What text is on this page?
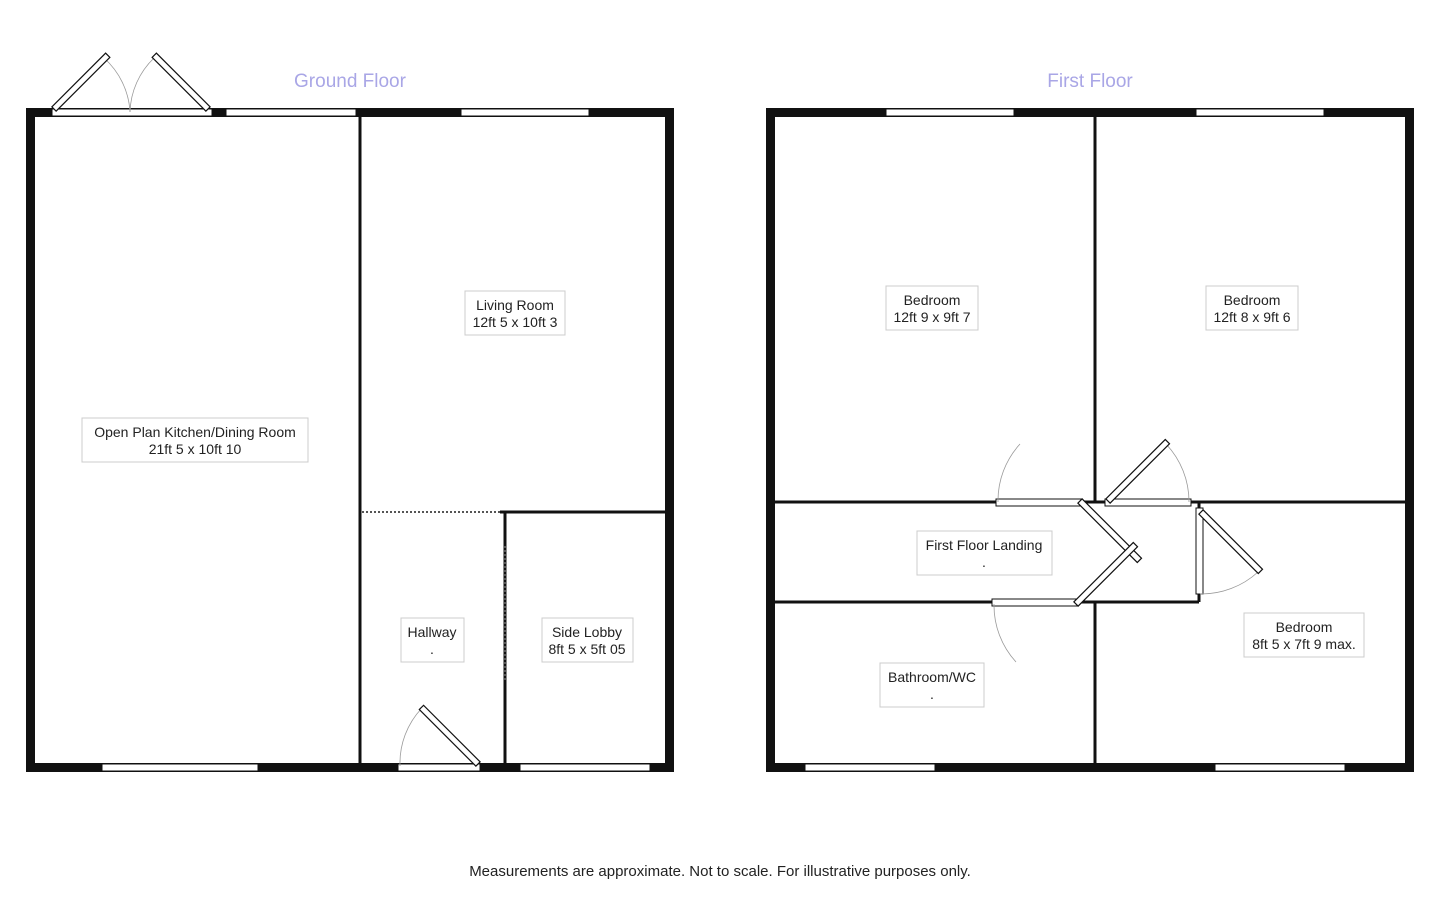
Ground Floor
Open Plan Kitchen/Dining Room
21ft 5 x 10ft 10
Living Room
12ft 5 x 10ft 3
Hallway
.
Side Lobby
8ft 5 x 5ft 05
First Floor
Bedroom
12ft 9 x 9ft 7
Bedroom
12ft 8 x 9ft 6
First Floor Landing
.
Bathroom/WC
.
Bedroom
8ft 5 x 7ft 9 max.
Measurements are approximate. Not to scale. For illustrative purposes only.
